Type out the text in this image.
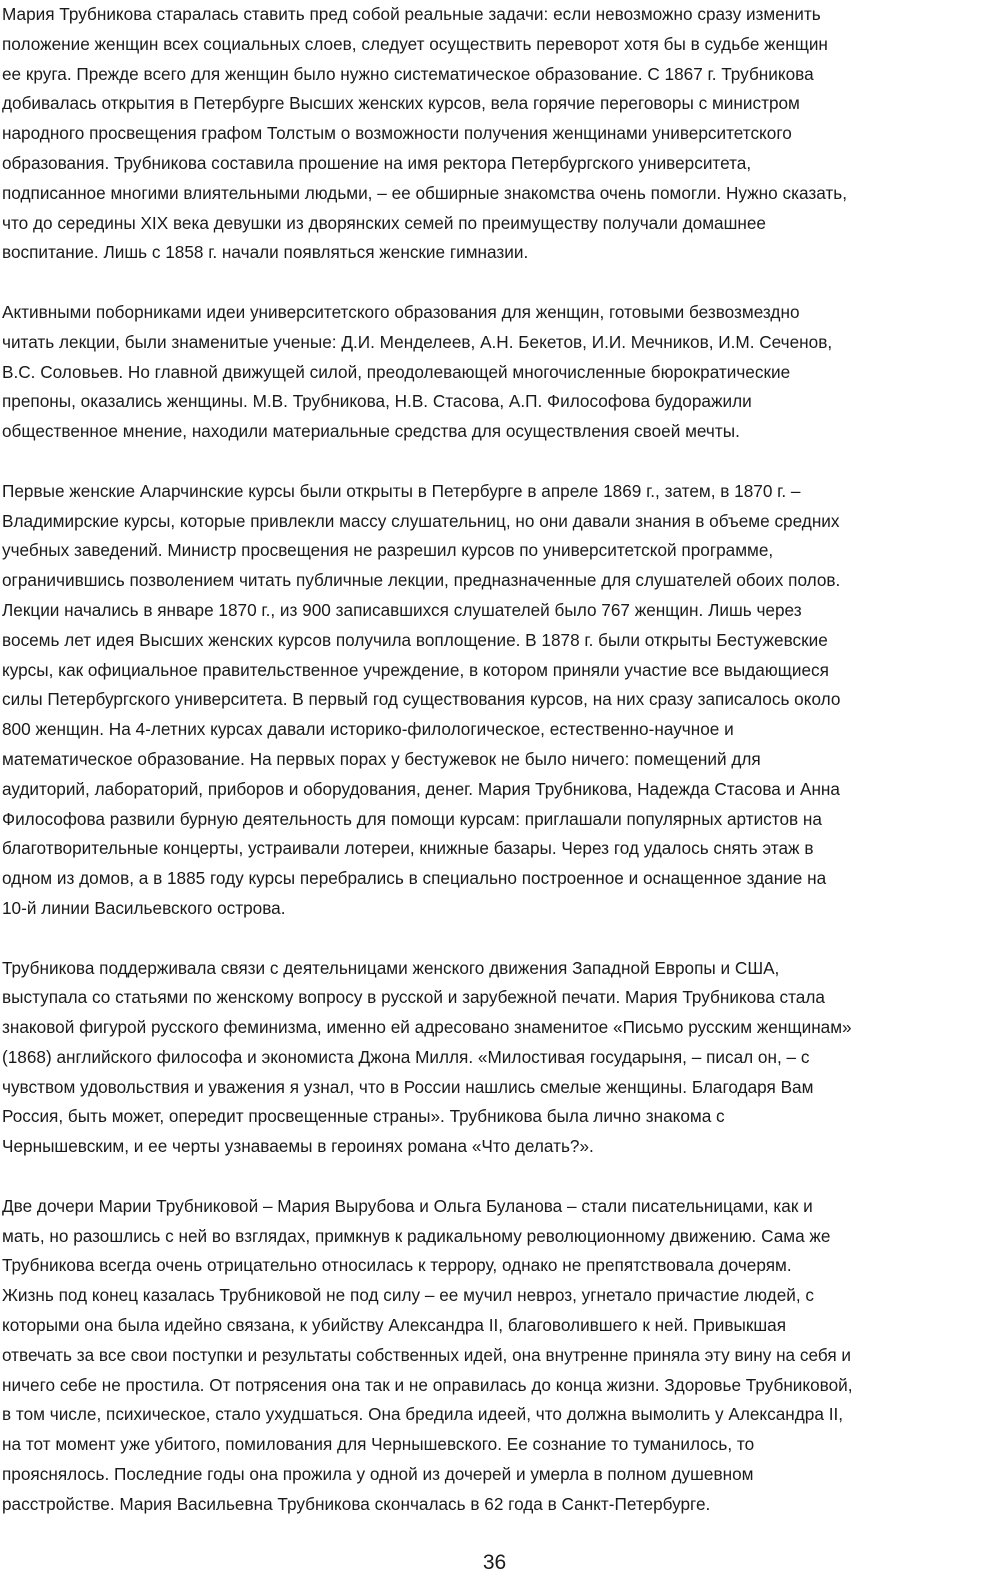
Мария Трубникова старалась ставить пред собой реальные задачи: если невозможно сразу изменить
положение женщин всех социальных слоев, следует осуществить переворот хотя бы в судьбе женщин
ее круга. Прежде всего для женщин было нужно систематическое образование. С 1867 г. Трубникова
добивалась открытия в Петербурге Высших женских курсов, вела горячие переговоры с министром
народного просвещения графом Толстым о возможности получения женщинами университетского
образования. Трубникова составила прошение на имя ректора Петербургского университета,
подписанное многими влиятельными людьми, – ее обширные знакомства очень помогли. Нужно сказать,
что до середины XIX века девушки из дворянских семей по преимуществу получали домашнее
воспитание. Лишь с 1858 г. начали появляться женские гимназии.

Активными поборниками идеи университетского образования для женщин, готовыми безвозмездно
читать лекции, были знаменитые ученые: Д.И. Менделеев, А.Н. Бекетов, И.И. Мечников, И.М. Сеченов,
В.С. Соловьев. Но главной движущей силой, преодолевающей многочисленные бюрократические
препоны, оказались женщины. М.В. Трубникова, Н.В. Стасова, А.П. Философова будоражили
общественное мнение, находили материальные средства для осуществления своей мечты.

Первые женские Аларчинские курсы были открыты в Петербурге в апреле 1869 г., затем, в 1870 г. –
Владимирские курсы, которые привлекли массу слушательниц, но они давали знания в объеме средних
учебных заведений. Министр просвещения не разрешил курсов по университетской программе,
ограничившись позволением читать публичные лекции, предназначенные для слушателей обоих полов.
Лекции начались в январе 1870 г., из 900 записавшихся слушателей было 767 женщин. Лишь через
восемь лет идея Высших женских курсов получила воплощение. В 1878 г. были открыты Бестужевские
курсы, как официальное правительственное учреждение, в котором приняли участие все выдающиеся
силы Петербургского университета. В первый год существования курсов, на них сразу записалось около
800 женщин. На 4-летних курсах давали историко-филологическое, естественно-научное и
математическое образование. На первых порах у бестужевок не было ничего: помещений для
аудиторий, лабораторий, приборов и оборудования, денег. Мария Трубникова, Надежда Стасова и Анна
Философова развили бурную деятельность для помощи курсам: приглашали популярных артистов на
благотворительные концерты, устраивали лотереи, книжные базары. Через год удалось снять этаж в
одном из домов, а в 1885 году курсы перебрались в специально построенное и оснащенное здание на
10-й линии Васильевского острова.

Трубникова поддерживала связи с деятельницами женского движения Западной Европы и США,
выступала со статьями по женскому вопросу в русской и зарубежной печати. Мария Трубникова стала
знаковой фигурой русского феминизма, именно ей адресовано знаменитое «Письмо русским женщинам»
(1868) английского философа и экономиста Джона Милля. «Милостивая государыня, – писал он, – с
чувством удовольствия и уважения я узнал, что в России нашлись смелые женщины. Благодаря Вам
Россия, быть может, опередит просвещенные страны». Трубникова была лично знакома с
Чернышевским, и ее черты узнаваемы в героинях романа «Что делать?».

Две дочери Марии Трубниковой – Мария Вырубова и Ольга Буланова – стали писательницами, как и
мать, но разошлись с ней во взглядах, примкнув к радикальному революционному движению. Сама же
Трубникова всегда очень отрицательно относилась к террору, однако не препятствовала дочерям.
Жизнь под конец казалась Трубниковой не под силу – ее мучил невроз, угнетало причастие людей, с
которыми она была идейно связана, к убийству Александра II, благоволившего к ней. Привыкшая
отвечать за все свои поступки и результаты собственных идей, она внутренне приняла эту вину на себя и
ничего себе не простила. От потрясения она так и не оправилась до конца жизни. Здоровье Трубниковой,
в том числе, психическое, стало ухудшаться. Она бредила идеей, что должна вымолить у Александра II,
на тот момент уже убитого, помилования для Чернышевского. Ее сознание то туманилось, то
прояснялось. Последние годы она прожила у одной из дочерей и умерла в полном душевном
расстройстве. Мария Васильевна Трубникова скончалась в 62 года в Санкт-Петербурге.

36
